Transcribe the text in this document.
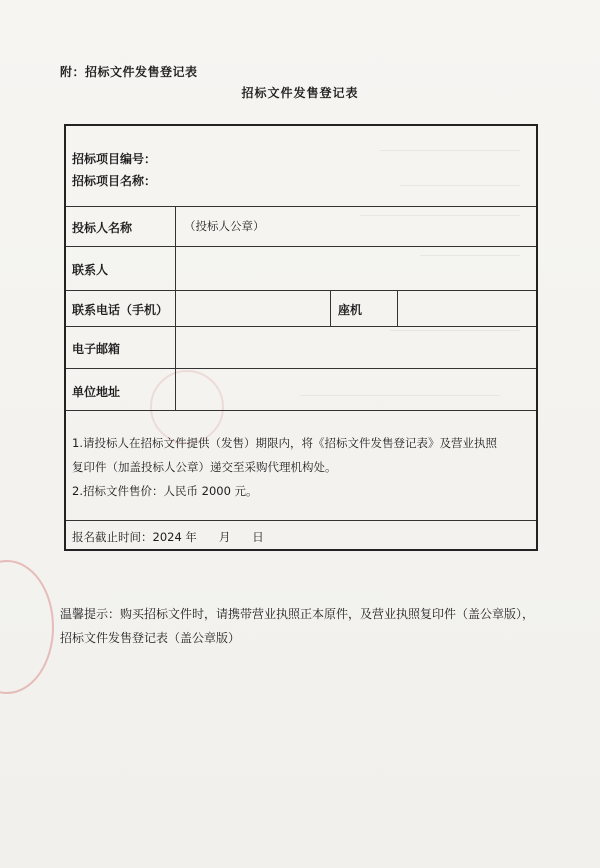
附：招标文件发售登记表
招标文件发售登记表
招标项目编号：
招标项目名称：
投标人名称	（投标人公章）
联系人
联系电话（手机）	座机
电子邮箱
单位地址
1.请投标人在招标文件提供（发售）期限内，将《招标文件发售登记表》及营业执照
复印件（加盖投标人公章）递交至采购代理机构处。
2.招标文件售价：人民币 2000 元。
报名截止时间：2024 年      月      日
温馨提示：购买招标文件时，请携带营业执照正本原件，及营业执照复印件（盖公章版），
招标文件发售登记表（盖公章版）
